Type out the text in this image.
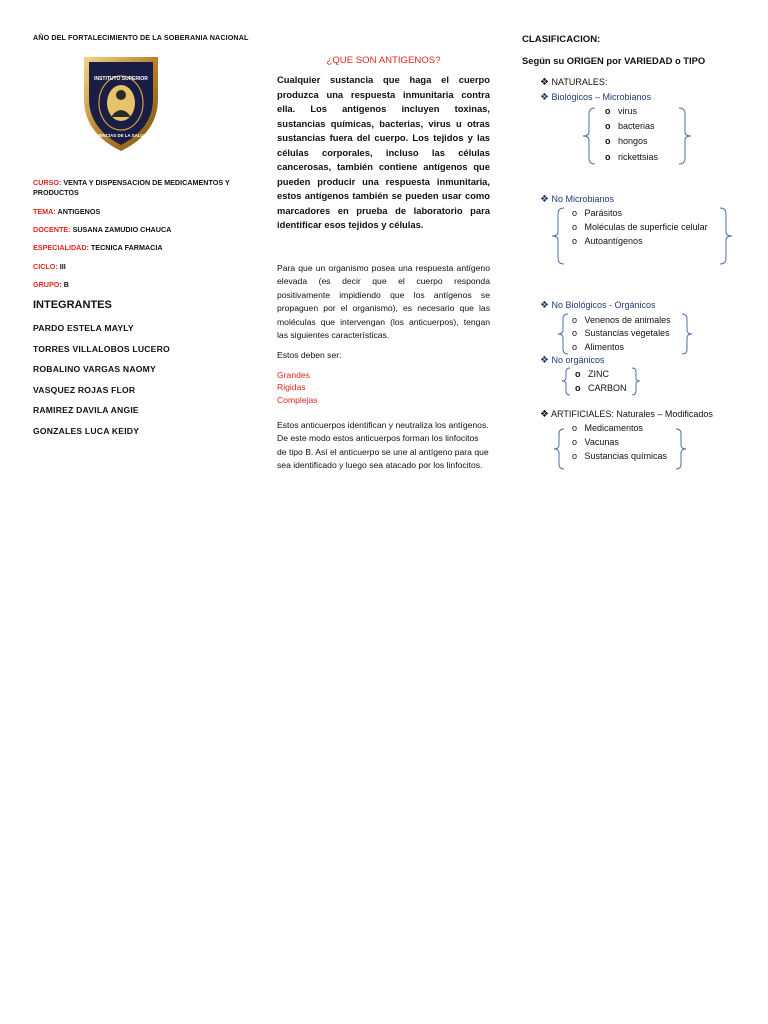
AÑO DEL FORTALECIMIENTO DE LA SOBERANIA NACIONAL
INSTITUTO SUPERIOR
CIENCIAS DE LA SALUD
CURSO: VENTA Y DISPENSACION DE MEDICAMENTOS Y PRODUCTOS
TEMA: ANTIGENOS
DOCENTE: SUSANA ZAMUDIO CHAUCA
ESPECIALIDAD: TECNICA FARMACIA
CICLO: III
GRUPO: B
INTEGRANTES
PARDO ESTELA MAYLY
TORRES VILLALOBOS LUCERO
ROBALINO VARGAS NAOMY
VASQUEZ ROJAS FLOR
RAMIREZ DAVILA ANGIE
GONZALES LUCA KEIDY
¿QUE SON ANTIGENOS?
Cualquier sustancia que haga el cuerpo produzca una respuesta inmunitaria contra ella. Los antígenos incluyen toxinas, sustancias químicas, bacterias, virus u otras sustancias fuera del cuerpo. Los tejidos y las células corporales, incluso las células cancerosas, también contiene antígenos que pueden producir una respuesta inmunitaria, estos antígenos también se pueden usar como marcadores en prueba de laboratorio para identificar esos tejidos y células.
Para que un organismo posea una respuesta antígeno elevada (es decir que el cuerpo responda positivamente impidiendo que los antígenos se propaguen por el organismo), es necesario que las moléculas que intervengan (los anticuerpos), tengan las siguientes características.
Estos deben ser:
Grandes
Rigidas
Complejas
Estos anticuerpos identifican y neutraliza los antígenos. De este modo estos anticuerpos forman los linfocitos de tipo B. Así el anticuerpo se une al antígeno para que sea identificado y luego sea atacado por los linfocitos.
CLASIFICACION:
Según su ORIGEN por VARIEDAD o TIPO
❖ NATURALES:
❖ Biológicos – Microbianos
o virus
o bacterias
o hongos
o rickettsias
❖ No Microbianos
o   Parásitos
o   Moléculas de superficie celular
o   Autoantígenos
❖ No Biológicos - Orgánicos
o   Venenos de animales
o   Sustancias vegetales
o   Alimentos
❖ No orgánicos
o ZINC
o CARBON
❖ ARTIFICIALES: Naturales – Modificados
o   Medicamentos
o   Vacunas
o   Sustancias químicas
